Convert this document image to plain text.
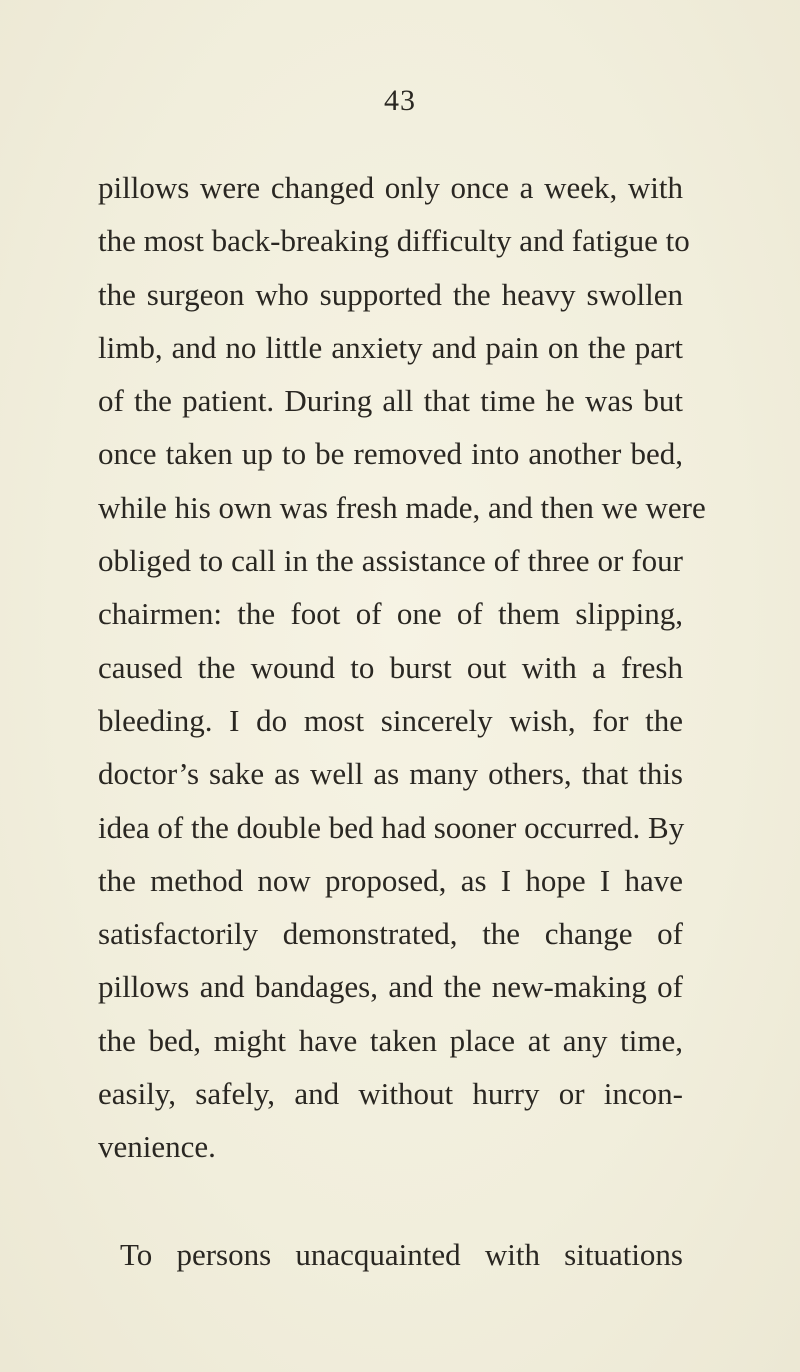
43
pillows were changed only once a week, with
the most back-breaking difficulty and fatigue to
the surgeon who supported the heavy swollen
limb, and no little anxiety and pain on the part
of the patient. During all that time he was but
once taken up to be removed into another bed,
while his own was fresh made, and then we were
obliged to call in the assistance of three or four
chairmen: the foot of one of them slipping,
caused the wound to burst out with a fresh
bleeding. I do most sincerely wish, for the
doctor’s sake as well as many others, that this
idea of the double bed had sooner occurred. By
the method now proposed, as I hope I have
satisfactorily demonstrated, the change of
pillows and bandages, and the new-making of
the bed, might have taken place at any time,
easily, safely, and without hurry or incon-
venience.
To persons unacquainted with situations
